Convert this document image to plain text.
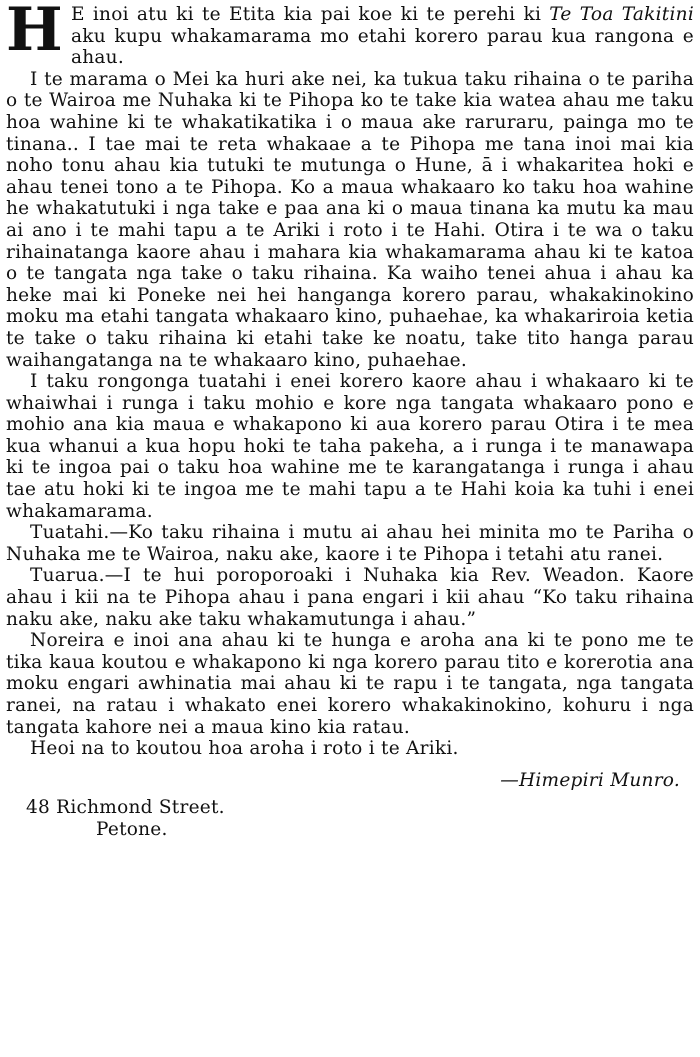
H E inoi atu ki te Etita kia pai koe ki te perehi ki Te Toa Takitini aku kupu whakamarama mo etahi korero parau kua rangona e ahau.

I te marama o Mei ka huri ake nei, ka tukua taku rihaina o te pariha o te Wairoa me Nuhaka ki te Pihopa ko te take kia watea ahau me taku hoa wahine ki te whakatikatika i o maua ake raruraru, painga mo te tinana.. I tae mai te reta whakaae a te Pihopa me tana inoi mai kia noho tonu ahau kia tutuki te mutunga o Hune, ā i whakaritea hoki e ahau tenei tono a te Pihopa. Ko a maua whakaaro ko taku hoa wahine he whakatutuki i nga take e paa ana ki o maua tinana ka mutu ka mau ai ano i te mahi tapu a te Ariki i roto i te Hahi. Otira i te wa o taku rihainatanga kaore ahau i mahara kia whakamarama ahau ki te katoa o te tangata nga take o taku rihaina. Ka waiho tenei ahua i ahau ka heke mai ki Poneke nei hei hanganga korero parau, whakakinokino moku ma etahi tangata whakaaro kino, puhaehae, ka whakariroia ketia te take o taku rihaina ki etahi take ke noatu, take tito hanga parau waihangatanga na te whakaaro kino, puhaehae.

I taku rongonga tuatahi i enei korero kaore ahau i whakaaro ki te whaiwhai i runga i taku mohio e kore nga tangata whakaaro pono e mohio ana kia maua e whakapono ki aua korero parau Otira i te mea kua whanui a kua hopu hoki te taha pakeha, a i runga i te manawapa ki te ingoa pai o taku hoa wahine me te karangatanga i runga i ahau tae atu hoki ki te ingoa me te mahi tapu a te Hahi koia ka tuhi i enei whakamarama.

Tuatahi.—Ko taku rihaina i mutu ai ahau hei minita mo te Pariha o Nuhaka me te Wairoa, naku ake, kaore i te Pihopa i tetahi atu ranei.

Tuarua.—I te hui poroporoaki i Nuhaka kia Rev. Weadon. Kaore ahau i kii na te Pihopa ahau i pana engari i kii ahau “Ko taku rihaina naku ake, naku ake taku whakamutunga i ahau.”

Noreira e inoi ana ahau ki te hunga e aroha ana ki te pono me te tika kaua koutou e whakapono ki nga korero parau tito e korerotia ana moku engari awhinatia mai ahau ki te rapu i te tangata, nga tangata ranei, na ratau i whakato enei korero whakakinokino, kohuru i nga tangata kahore nei a maua kino kia ratau.

Heoi na to koutou hoa aroha i roto i te Ariki.

—Himepiri Munro.
48 Richmond Street.
Petone.
